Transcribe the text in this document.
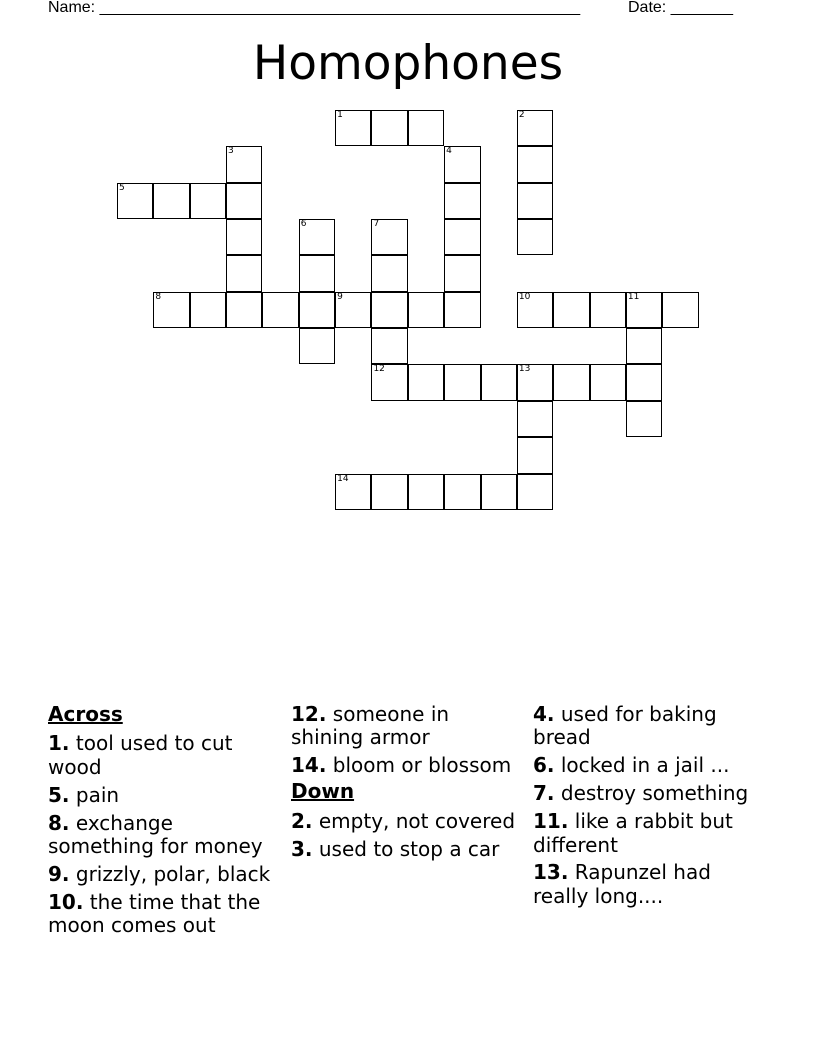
Name: ______________________________________________________	Date: _______
Homophones
1	2
3	4
5
6	7
8	9	10	11
12	13
14
Across
1. tool used to cut wood
5. pain
8. exchange something for money
9. grizzly, polar, black
10. the time that the moon comes out
12. someone in shining armor
14. bloom or blossom
Down
2. empty, not covered
3. used to stop a car
4. used for baking bread
6. locked in a jail ...
7. destroy something
11. like a rabbit but different
13. Rapunzel had really long....
